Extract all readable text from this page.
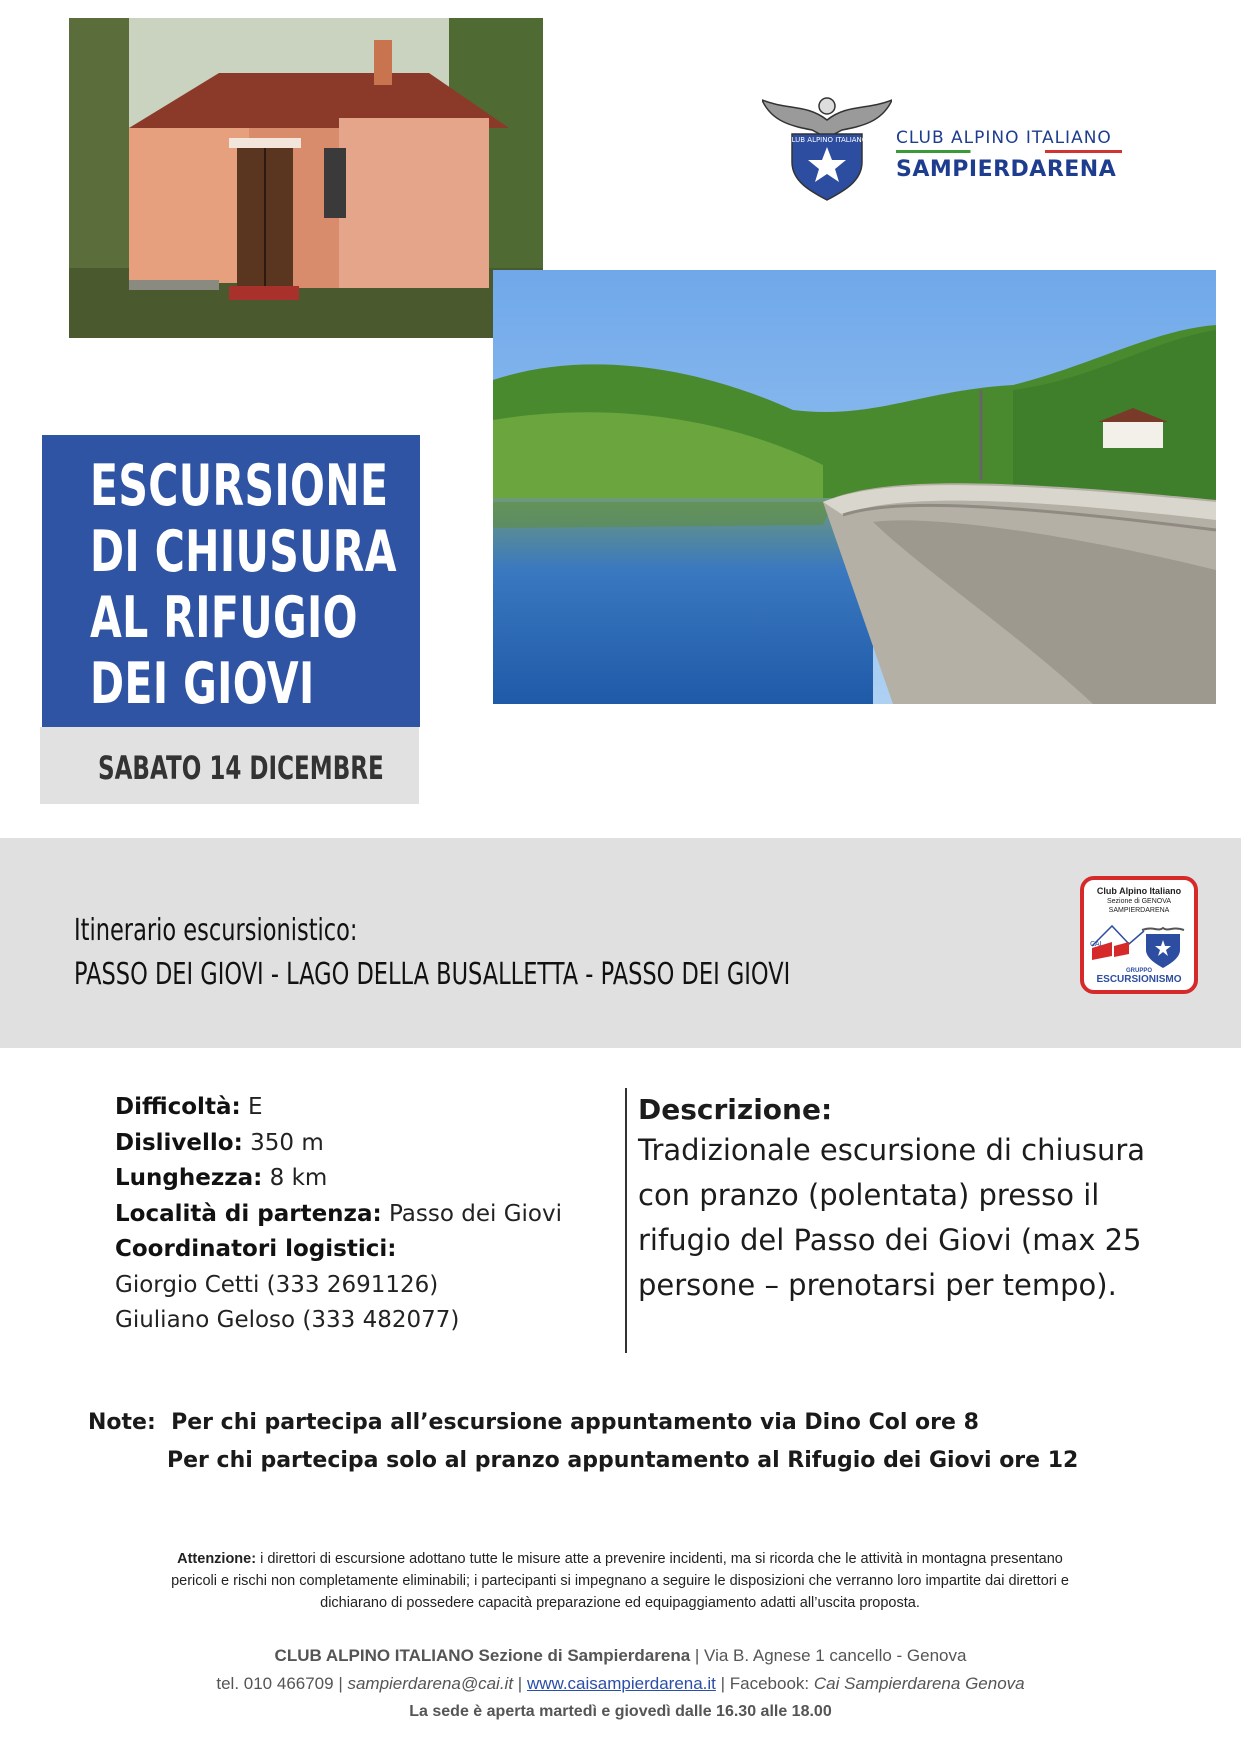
CLUB ALPINO ITALIANO CLUB ALPINO ITALIANO
SAMPIERDARENA
ESCURSIONE
DI CHIUSURA
AL RIFUGIO
DEI GIOVI
SABATO 14 DICEMBRE
Itinerario escursionistico:
PASSO DEI GIOVI - LAGO DELLA BUSALLETTA - PASSO DEI GIOVI
Club Alpino Italiano
Sezione di GENOVA
SAMPIERDARENA
CAI
GRUPPO
ESCURSIONISMO
Difficoltà: E
Dislivello: 350 m
Lunghezza: 8 km
Località di partenza: Passo dei Giovi
Coordinatori logistici:
Giorgio Cetti (333 2691126)
Giuliano Geloso (333 482077)
Descrizione:
Tradizionale escursione di chiusura
con pranzo (polentata) presso il
rifugio del Passo dei Giovi (max 25
persone – prenotarsi per tempo).
Note: Per chi partecipa all’escursione appuntamento via Dino Col ore 8
Per chi partecipa solo al pranzo appuntamento al Rifugio dei Giovi ore 12
Attenzione: i direttori di escursione adottano tutte le misure atte a prevenire incidenti, ma si ricorda che le attività in montagna presentano
pericoli e rischi non completamente eliminabili; i partecipanti si impegnano a seguire le disposizioni che verranno loro impartite dai direttori e
dichiarano di possedere capacità preparazione ed equipaggiamento adatti all’uscita proposta.
CLUB ALPINO ITALIANO Sezione di Sampierdarena | Via B. Agnese 1 cancello - Genova
tel. 010 466709 | sampierdarena@cai.it | www.caisampierdarena.it | Facebook: Cai Sampierdarena Genova
La sede è aperta martedì e giovedì dalle 16.30 alle 18.00
